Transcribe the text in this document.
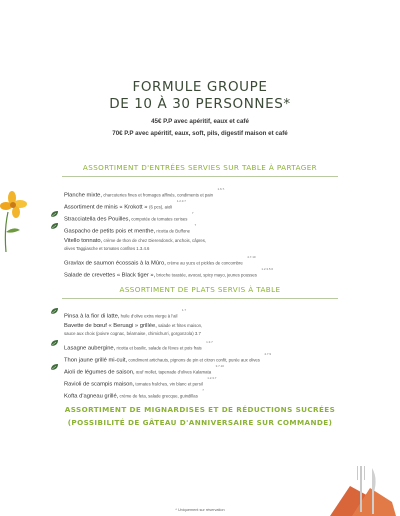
FORMULE GROUPE
DE 10 À 30 PERSONNES*
45€ P.P avec apéritif, eaux et café
70€ P.P avec apéritif, eaux, soft, pils, digestif maison et café
ASSORTIMENT D'ENTRÉES SERVIES SUR TABLE À PARTAGER
Planche mixte, charcuteries fines et fromages affinés, condiments et pain $^{1.6.7.}$
Assortiment de minis « Krokott » (6 pcs), aioli $^{1.2.3.7}$
Stracciatella des Pouilles, compotée de tomates cerises $^7$
Gaspacho de petits pois et menthe, ricotta de Buffone $^7$
Vitello tonnato, crème de thon de chez Dierendonck, anchois, câpres,
olives Taggiasche et tomates confites 1.3.4.6
Gravlax de saumon écossais à la Mûro, crème au yuzu et pickles de concombre $^{4.7.10}$
Salade de crevettes « Black tiger », brioche toastée, avocat, spicy mayo, jeunes pousses $^{1.2.3.5.6}$
ASSORTIMENT DE PLATS SERVIS À TABLE
Pinsa à la fior di latte, huile d'olive extra vierge à l'ail $^{1.7}$
Bavette de bœuf « Beruagi » grillée, salade et frites maison,
sauce aux choix (poivre cognac, béarnaise, chimichurri, gorgonzola) 3.7
Lasagne aubergine, ricotta et basilic, salade de fèves et pois frais $^{1.3.7}$
Thon jaune grillé mi-cuit, condiment artichauts, pignons de pin et citron confit, purée aux olives $^{4.7.9}$
Aioli de légumes de saison, œuf mollet, tapenade d'olives Kalamata $^{3.7.10}$
Ravioli de scampis maison, tomates fraîches, vin blanc et persil $^{1.2.3.7}$
Kofta d'agneau grillé, crème de feta, salade grecque, guindillas $^7$
ASSORTIMENT DE MIGNARDISES ET DE RÉDUCTIONS SUCRÉES
(POSSIBILITÉ DE GÂTEAU D'ANNIVERSAIRE SUR COMMANDE)
* Uniquement sur réservation
